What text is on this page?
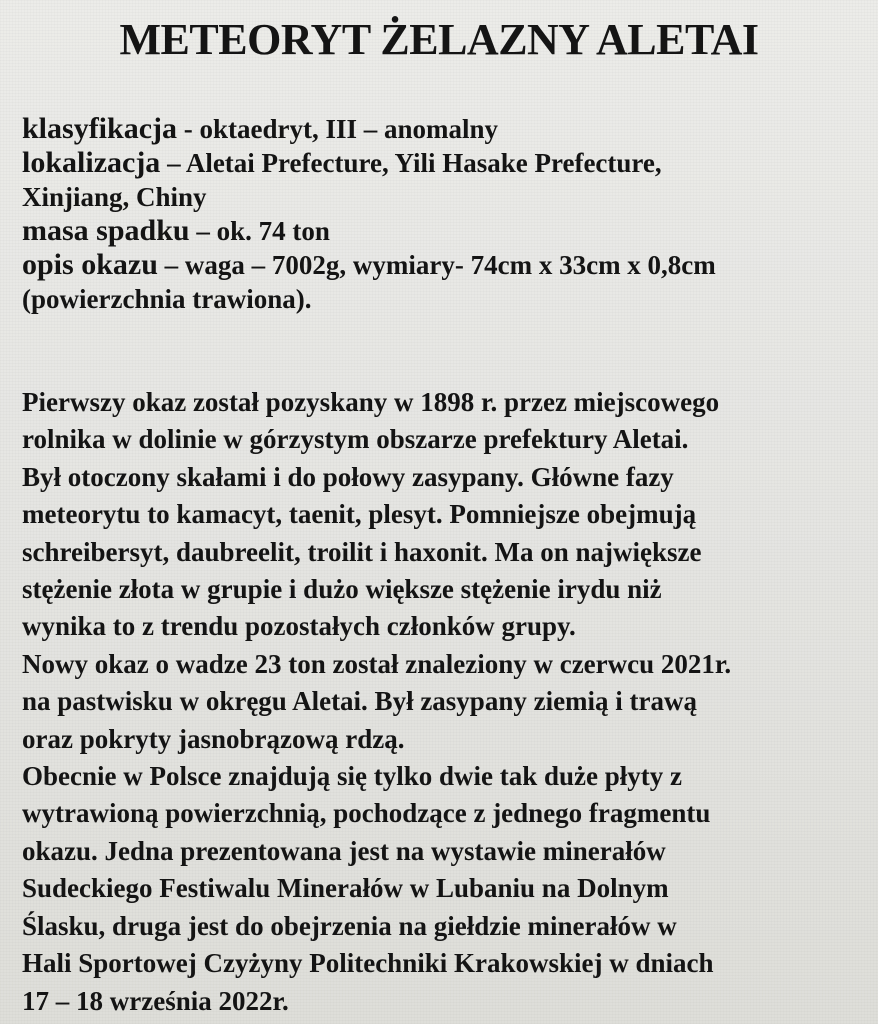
METEORYT ŻELAZNY ALETAI
klasyfikacja - oktaedryt, III – anomalny
lokalizacja – Aletai Prefecture, Yili Hasake Prefecture,
Xinjiang, Chiny
masa spadku – ok. 74 ton
opis okazu – waga – 7002g, wymiary- 74cm x 33cm x 0,8cm
(powierzchnia trawiona).
Pierwszy okaz został pozyskany w 1898 r. przez miejscowego
rolnika w dolinie w górzystym obszarze prefektury Aletai.
Był otoczony skałami i do połowy zasypany. Główne fazy
meteorytu to kamacyt, taenit, plesyt. Pomniejsze obejmują
schreibersyt, daubreelit, troilit i haxonit. Ma on największe
stężenie złota w grupie i dużo większe stężenie irydu niż
wynika to z trendu pozostałych członków grupy.
Nowy okaz o wadze 23 ton został znaleziony w czerwcu 2021r.
na pastwisku w okręgu Aletai. Był zasypany ziemią i trawą
oraz pokryty jasnobrązową rdzą.
Obecnie w Polsce znajdują się tylko dwie tak duże płyty z
wytrawioną powierzchnią, pochodzące z jednego fragmentu
okazu. Jedna prezentowana jest na wystawie minerałów
Sudeckiego Festiwalu Minerałów w Lubaniu na Dolnym
Ślasku, druga jest do obejrzenia na giełdzie minerałów w
Hali Sportowej Czyżyny Politechniki Krakowskiej w dniach
17 – 18 września 2022r.
